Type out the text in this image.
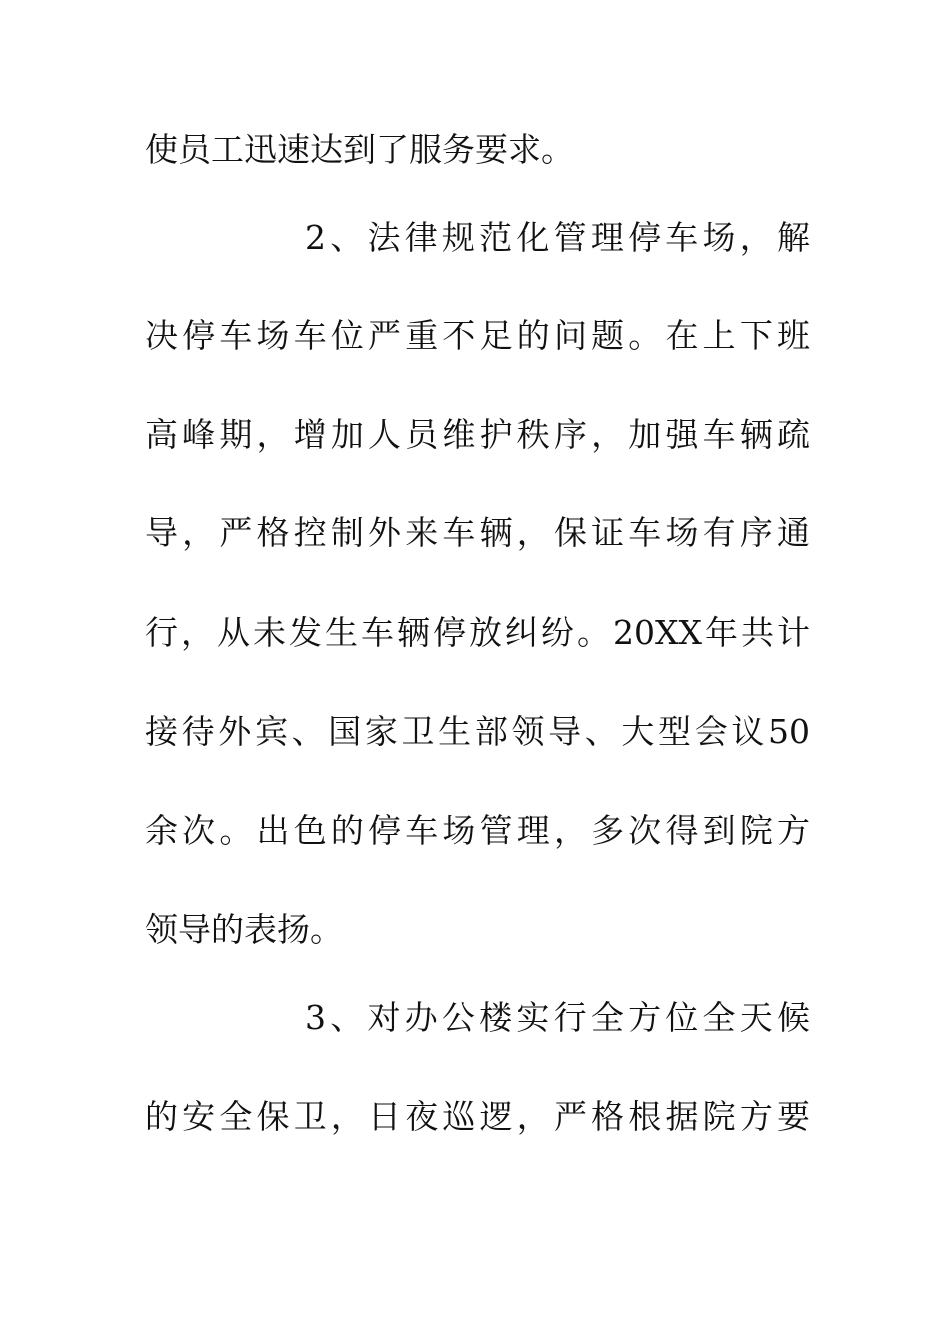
使员工迅速达到了服务要求。
2、法律规范化管理停车场，解
决停车场车位严重不足的问题。在上下班
高峰期，增加人员维护秩序，加强车辆疏
导，严格控制外来车辆，保证车场有序通
行，从未发生车辆停放纠纷。20XX年共计
接待外宾、国家卫生部领导、大型会议50
余次。出色的停车场管理，多次得到院方
领导的表扬。
3、对办公楼实行全方位全天候
的安全保卫，日夜巡逻，严格根据院方要
